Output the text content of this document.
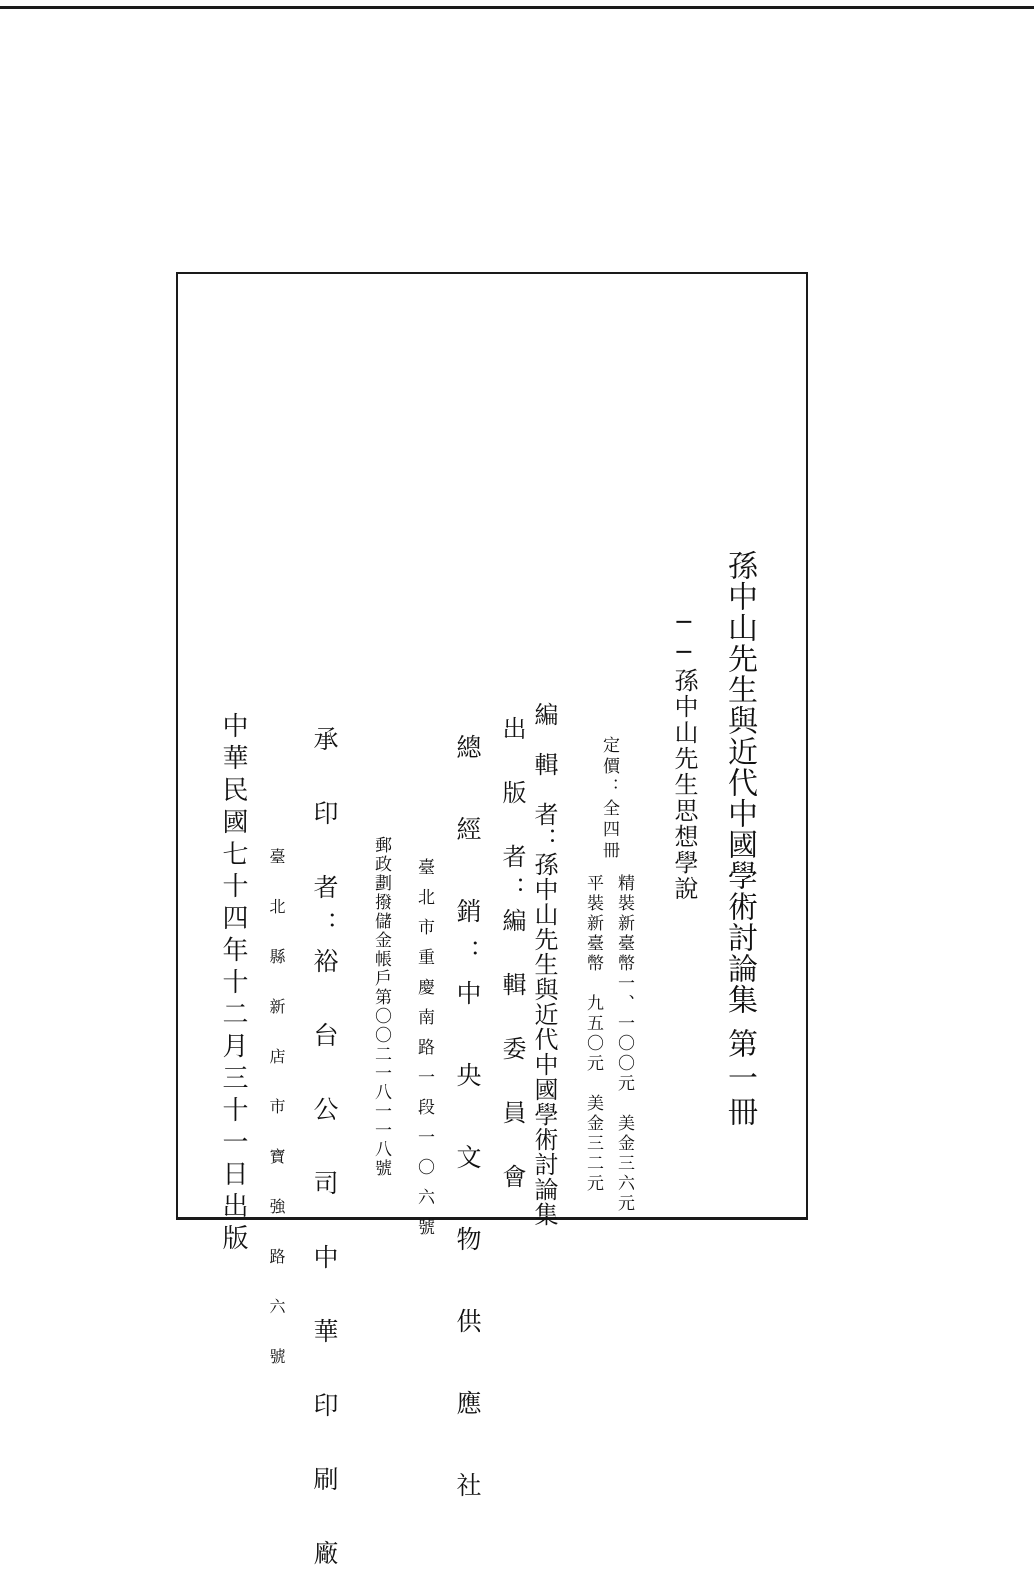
孫中山先生與近代中國學術討論集

第一冊

──孫中山先生思想學說

定價：全四冊

精裝新臺幣一、一〇〇元　美金三六元

平裝新臺幣　九五〇元　美金三二元

編　輯　者：孫中山先生與近代中國學術討論集

出　版　者：編　輯　委　員　會

總　經　銷：中　央　文　物　供　應　社

臺北市重慶南路一段一〇六號

郵政劃撥儲金帳戶第〇〇二一八一一八號

承　印　者：裕　台　公　司　中　華　印　刷　廠

臺　北　縣　新　店　市　寶　強　路　六　號

中華民國七十四年十二月三十一日出版
